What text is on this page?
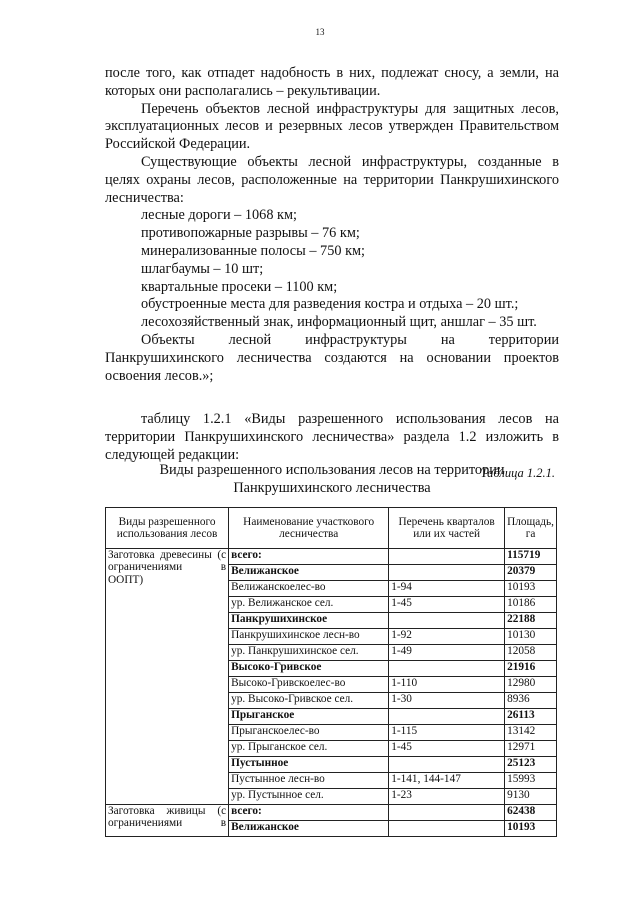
13

после того, как отпадет надобность в них, подлежат сносу, а земли, на которых они располагались – рекультивации.

Перечень объектов лесной инфраструктуры для защитных лесов, эксплуатационных лесов и резервных лесов утвержден Правительством Российской Федерации.

Существующие объекты лесной инфраструктуры, созданные в целях охраны лесов, расположенные на территории Панкрушихинского лесничества:

лесные дороги – 1068 км;

противопожарные разрывы – 76 км;

минерализованные полосы – 750 км;

шлагбаумы – 10 шт;

квартальные просеки – 1100 км;

обустроенные места для разведения костра и отдыха – 20 шт.;

лесохозяйственный знак, информационный щит, аншлаг – 35 шт.

Объекты лесной инфраструктуры на территории Панкрушихинского лесничества создаются на основании проектов освоения лесов.»;

таблицу 1.2.1 «Виды разрешенного использования лесов на территории Панкрушихинского лесничества» раздела 1.2 изложить в следующей редакции:

Таблица 1.2.1.

Виды разрешенного использования лесов на территории
Панкрушихинского лесничества
Виды разрешенного использования лесов	Наименование участкового лесничества	Перечень кварталов или их частей	Площадь, га

Заготовка древесины (с
ограничениями в
ООПТ)	всего:		115719
	Велижанское		20379
	Велижанскоелес-во	1-94	10193
	ур. Велижанское сел.	1-45	10186
	Панкрушихинское		22188
	Панкрушихинское лесн-во	1-92	10130
	ур. Панкрушихинское сел.	1-49	12058
	Высоко-Гривское		21916
	Высоко-Гривскоелес-во	1-110	12980
	ур. Высоко-Гривское сел.	1-30	8936
	Прыганское		26113
	Прыганскоелес-во	1-115	13142
	ур. Прыганское сел.	1-45	12971
	Пустынное		25123
	Пустынное лесн-во	1-141, 144-147	15993
	ур. Пустынное сел.	1-23	9130

Заготовка живицы (с
ограничениями в	всего:		62438
	Велижанское		10193
